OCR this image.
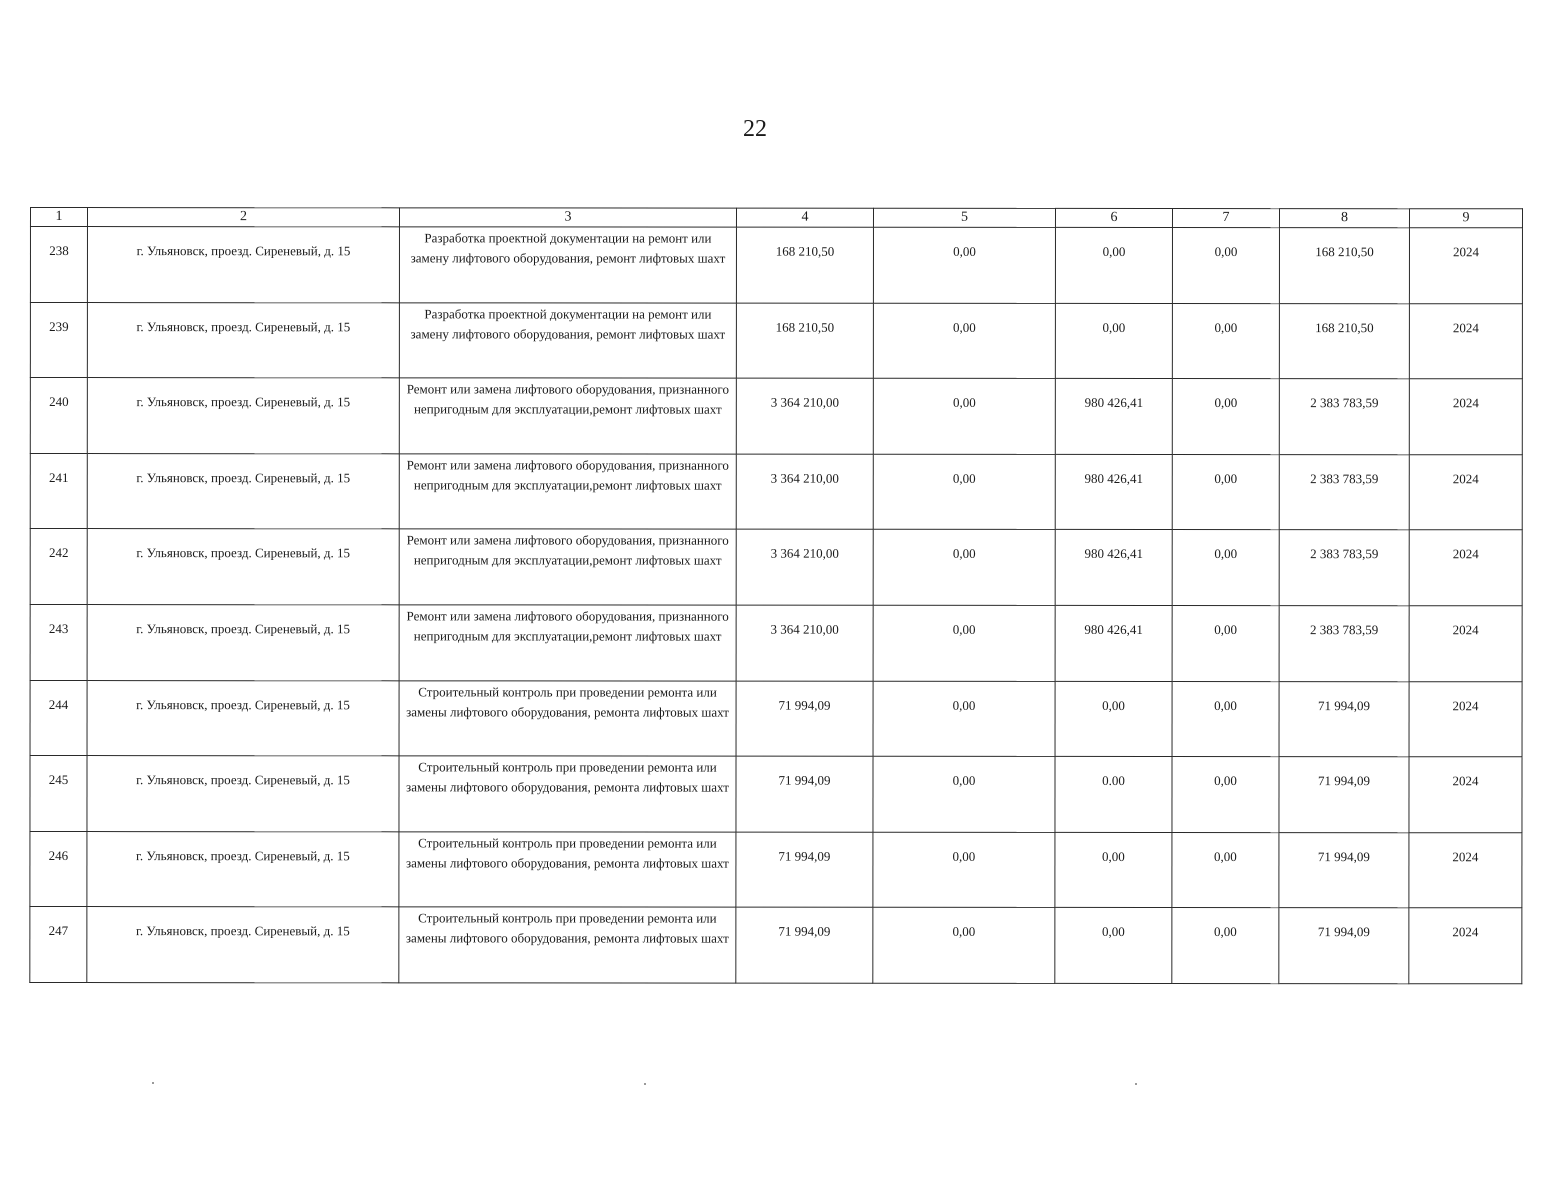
22
1	2	3	4	5	6	7	8	9
238	г. Ульяновск, проезд. Сиреневый, д. 15	Разработка проектной документации на ремонт или замену лифтового оборудования, ремонт лифтовых шахт	168 210,50	0,00	0,00	0,00	168 210,50	2024
239	г. Ульяновск, проезд. Сиреневый, д. 15	Разработка проектной документации на ремонт или замену лифтового оборудования, ремонт лифтовых шахт	168 210,50	0,00	0,00	0,00	168 210,50	2024
240	г. Ульяновск, проезд. Сиреневый, д. 15	Ремонт или замена лифтового оборудования, признанного непригодным для эксплуатации,ремонт лифтовых шахт	3 364 210,00	0,00	980 426,41	0,00	2 383 783,59	2024
241	г. Ульяновск, проезд. Сиреневый, д. 15	Ремонт или замена лифтового оборудования, признанного непригодным для эксплуатации,ремонт лифтовых шахт	3 364 210,00	0,00	980 426,41	0,00	2 383 783,59	2024
242	г. Ульяновск, проезд. Сиреневый, д. 15	Ремонт или замена лифтового оборудования, признанного непригодным для эксплуатации,ремонт лифтовых шахт	3 364 210,00	0,00	980 426,41	0,00	2 383 783,59	2024
243	г. Ульяновск, проезд. Сиреневый, д. 15	Ремонт или замена лифтового оборудования, признанного непригодным для эксплуатации,ремонт лифтовых шахт	3 364 210,00	0,00	980 426,41	0,00	2 383 783,59	2024
244	г. Ульяновск, проезд. Сиреневый, д. 15	Строительный контроль при проведении ремонта или замены лифтового оборудования, ремонта лифтовых шахт	71 994,09	0,00	0,00	0,00	71 994,09	2024
245	г. Ульяновск, проезд. Сиреневый, д. 15	Строительный контроль при проведении ремонта или замены лифтового оборудования, ремонта лифтовых шахт	71 994,09	0,00	0.00	0,00	71 994,09	2024
246	г. Ульяновск, проезд. Сиреневый, д. 15	Строительный контроль при проведении ремонта или замены лифтового оборудования, ремонта лифтовых шахт	71 994,09	0,00	0,00	0,00	71 994,09	2024
247	г. Ульяновск, проезд. Сиреневый, д. 15	Строительный контроль при проведении ремонта или замены лифтового оборудования, ремонта лифтовых шахт	71 994,09	0,00	0,00	0,00	71 994,09	2024
